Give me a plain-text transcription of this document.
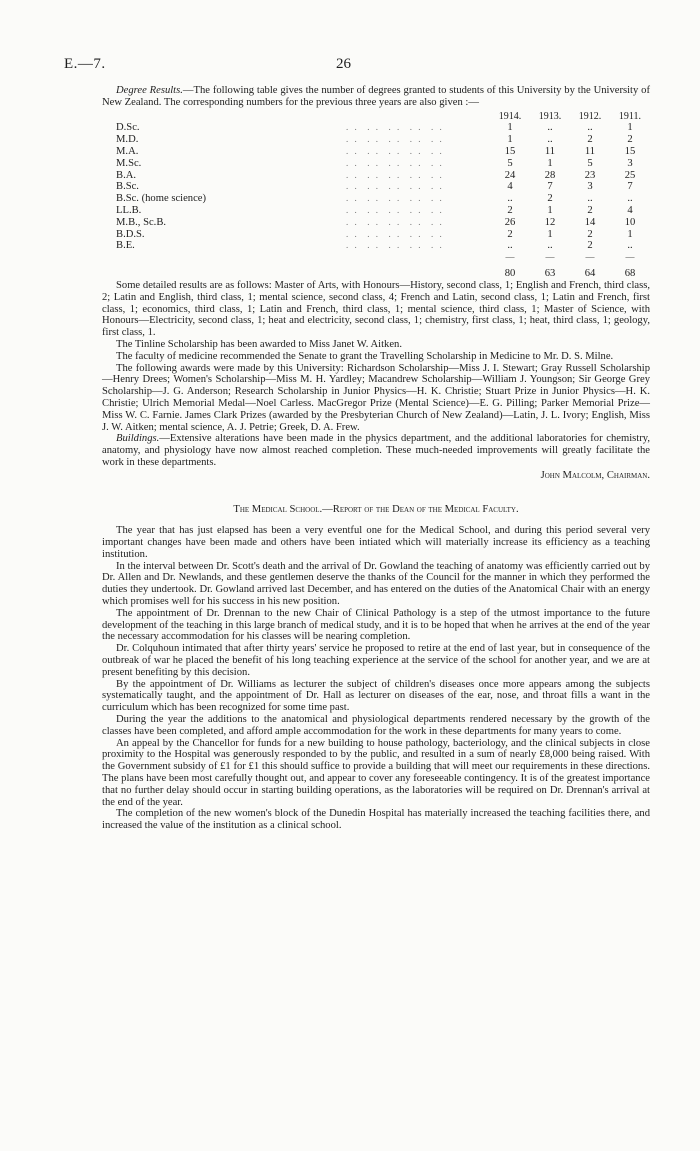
E.—7.	26

Degree Results.—The following table gives the number of degrees granted to students of this University by the University of New Zealand. The corresponding numbers for the previous three years are also given :—

		1914.	1913.	1912.	1911.
D.Sc.	. .  . .  . .  . .  . .	1	..	..	1
M.D.	. .  . .  . .  . .  . .	1	..	2	2
M.A.	. .  . .  . .  . .  . .	15	11	11	15
M.Sc.	. .  . .  . .  . .  . .	5	1	5	3
B.A.	. .  . .  . .  . .  . .	24	28	23	25
B.Sc.	. .  . .  . .  . .  . .	4	7	3	7
B.Sc. (home science)	. .  . .  . .  . .  . .	..	2	..	..
LL.B.	. .  . .  . .  . .  . .	2	1	2	4
M.B., Sc.B.	. .  . .  . .  . .  . .	26	12	14	10
B.D.S.	. .  . .  . .  . .  . .	2	1	2	1
B.E.	. .  . .  . .  . .  . .	..	..	2	..
		—	—	—	—
		80	63	64	68

Some detailed results are as follows: Master of Arts, with Honours—History, second class, 1; English and French, third class, 2; Latin and English, third class, 1; mental science, second class, 4; French and Latin, second class, 1; Latin and French, first class, 1; economics, third class, 1; Latin and French, third class, 1; mental science, third class, 1; Master of Science, with Honours—Electricity, second class, 1; heat and electricity, second class, 1; chemistry, first class, 1; heat, third class, 1; geology, first class, 1.

The Tinline Scholarship has been awarded to Miss Janet W. Aitken.

The faculty of medicine recommended the Senate to grant the Travelling Scholarship in Medicine to Mr. D. S. Milne.

The following awards were made by this University: Richardson Scholarship—Miss J. I. Stewart; Gray Russell Scholarship—Henry Drees; Women's Scholarship—Miss M. H. Yardley; Macandrew Scholarship—William J. Youngson; Sir George Grey Scholarship—J. G. Anderson; Research Scholarship in Junior Physics—H. K. Christie; Stuart Prize in Junior Physics—H. K. Christie; Ulrich Memorial Medal—Noel Carless. MacGregor Prize (Mental Science)—E. G. Pilling; Parker Memorial Prize—Miss W. C. Farnie. James Clark Prizes (awarded by the Presbyterian Church of New Zealand)—Latin, J. L. Ivory; English, Miss J. W. Aitken; mental science, A. J. Petrie; Greek, D. A. Frew.

Buildings.—Extensive alterations have been made in the physics department, and the additional laboratories for chemistry, anatomy, and physiology have now almost reached completion. These much-needed improvements will greatly facilitate the work in these departments.

John Malcolm, Chairman.

The Medical School.—Report of the Dean of the Medical Faculty.

The year that has just elapsed has been a very eventful one for the Medical School, and during this period several very important changes have been made and others have been intiated which will materially increase its efficiency as a teaching institution.

In the interval between Dr. Scott's death and the arrival of Dr. Gowland the teaching of anatomy was efficiently carried out by Dr. Allen and Dr. Newlands, and these gentlemen deserve the thanks of the Council for the manner in which they performed the duties they undertook. Dr. Gowland arrived last December, and has entered on the duties of the Anatomical Chair with an energy which promises well for his success in his new position.

The appointment of Dr. Drennan to the new Chair of Clinical Pathology is a step of the utmost importance to the future development of the teaching in this large branch of medical study, and it is to be hoped that when he arrives at the end of the year the necessary accommodation for his classes will be nearing completion.

Dr. Colquhoun intimated that after thirty years' service he proposed to retire at the end of last year, but in consequence of the outbreak of war he placed the benefit of his long teaching experience at the service of the school for another year, and we are at present benefiting by this decision.

By the appointment of Dr. Williams as lecturer the subject of children's diseases once more appears among the subjects systematically taught, and the appointment of Dr. Hall as lecturer on diseases of the ear, nose, and throat fills a want in the curriculum which has been recognized for some time past.

During the year the additions to the anatomical and physiological departments rendered necessary by the growth of the classes have been completed, and afford ample accommodation for the work in these departments for many years to come.

An appeal by the Chancellor for funds for a new building to house pathology, bacteriology, and the clinical subjects in close proximity to the Hospital was generously responded to by the public, and resulted in a sum of nearly £8,000 being raised. With the Government subsidy of £1 for £1 this should suffice to provide a building that will meet our requirements in these directions. The plans have been most carefully thought out, and appear to cover any foreseeable contingency. It is of the greatest importance that no further delay should occur in starting building operations, as the laboratories will be required on Dr. Drennan's arrival at the end of the year.

The completion of the new women's block of the Dunedin Hospital has materially increased the teaching facilities there, and increased the value of the institution as a clinical school.
